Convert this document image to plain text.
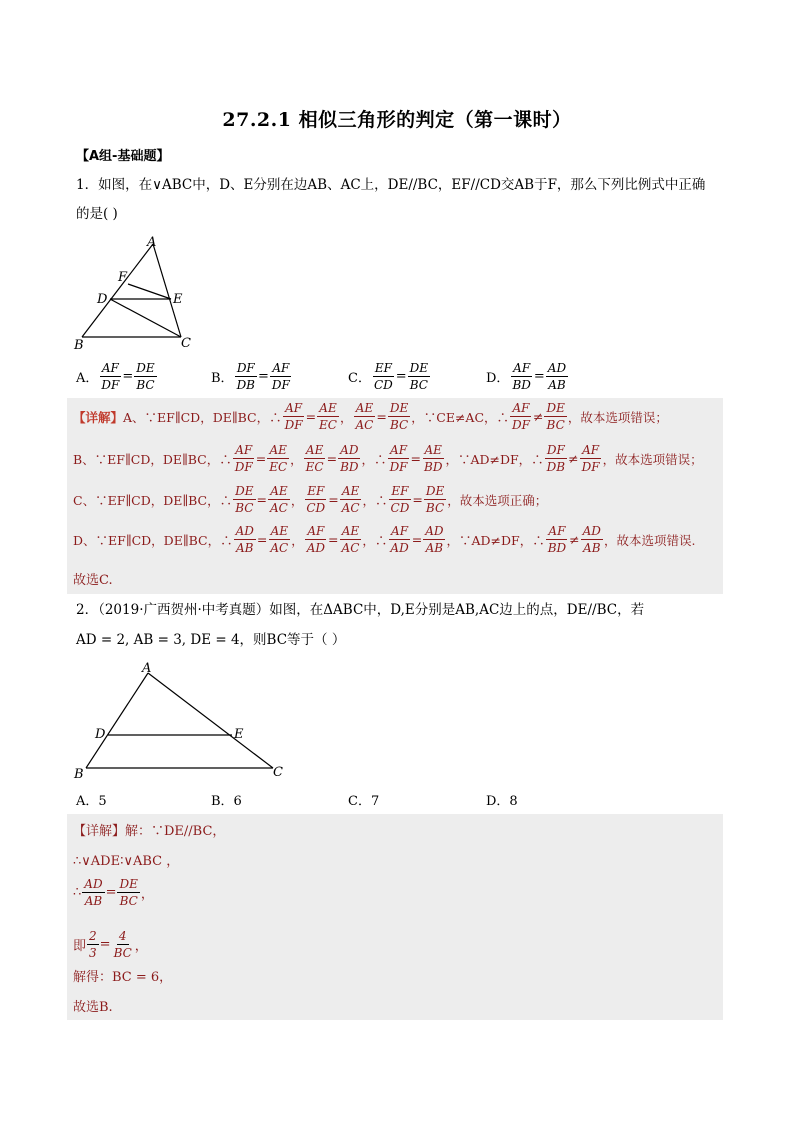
27.2.1 相似三角形的判定（第一课时）
【A组-基础题】
1．如图，在∨ABC中，D、E分别在边AB、AC上，DE//BC，EF//CD交AB于F，那么下列比例式中正确
的是( )
A
F
D	E
B	C
A． $\frac{AF}{DF} = \frac{DE}{BC}$	B． $\frac{DF}{DB} = \frac{AF}{DF}$	C． $\frac{EF}{CD} = \frac{DE}{BC}$	D． $\frac{AF}{BD} = \frac{AD}{AB}$
【详解】 A、∵EF∥CD，DE∥BC，∴ $\frac{AF}{DF} = \frac{AE}{EC}$ ， $\frac{AE}{AC} = \frac{DE}{BC}$ ，∵CE≠AC，∴ $\frac{AF}{DF} \ne \frac{DE}{BC}$ ，故本选项错误；
B、∵EF∥CD，DE∥BC，∴ $\frac{AF}{DF} = \frac{AE}{EC}$ ， $\frac{AE}{EC} = \frac{AD}{BD}$ ，∴ $\frac{AF}{DF} = \frac{AE}{BD}$ ，∵AD≠DF，∴ $\frac{DF}{DB} \ne \frac{AF}{DF}$ ，故本选项错误；
C、∵EF∥CD，DE∥BC，∴ $\frac{DE}{BC} = \frac{AE}{AC}$ ， $\frac{EF}{CD} = \frac{AE}{AC}$ ，∴ $\frac{EF}{CD} = \frac{DE}{BC}$ ，故本选项正确；
D、∵EF∥CD，DE∥BC，∴ $\frac{AD}{AB} = \frac{AE}{AC}$ ， $\frac{AF}{AD} = \frac{AE}{AC}$ ，∴ $\frac{AF}{AD} = \frac{AD}{AB}$ ，∵AD≠DF，∴ $\frac{AF}{BD} \ne \frac{AD}{AB}$ ，故本选项错误.
故选C.
2．（2019·广西贺州·中考真题）如图，在ΔABC中，D,E分别是AB,AC边上的点，DE//BC，若
AD = 2, AB = 3, DE = 4，则BC等于（ ）
A
D	E
B	C
A．5	B．6	C．7	D．8
【详解】解：∵DE//BC，
∴∨ADE∶∨ABC ，
∴ $\frac{AD}{AB} = \frac{DE}{BC}$ ，
即 $\frac{2}{3} = \frac{4}{BC}$ ，
解得：BC = 6，
故选B.
